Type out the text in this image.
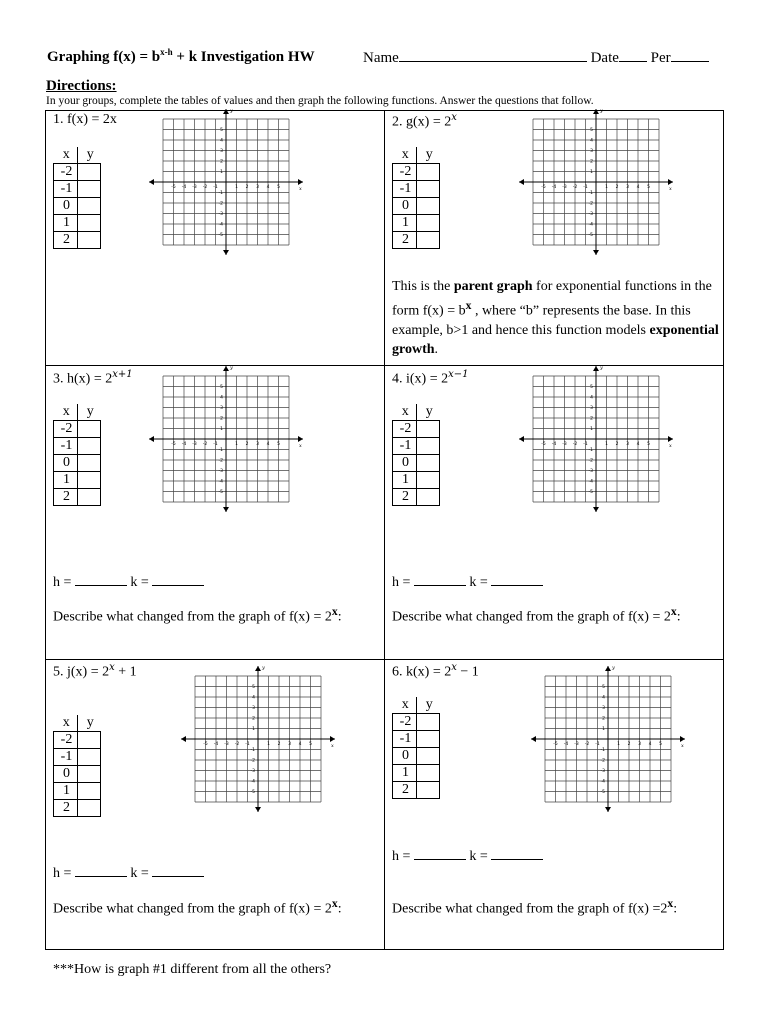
Graphing $f(x) = b^{x-h} + k$ Investigation HW	Name	Date Per
Directions:
In your groups, complete the tables of values and then graph the following functions. Answer the questions that follow.
1. f(x) = 2x	2. $g(x) = 2^x$
3. $h(x) = 2^{x+1}$	4. $i(x) = 2^{x-1}$
5. $j(x) = 2^x + 1$	6. $k(x) = 2^x - 1$
x	y
-2	
-1	
0	
1	
2	
x	y
-2	
-1	
0	
1	
2	
x	y
-2	
-1	
0	
1	
2	
x	y
-2	
-1	
0	
1	
2	
x	y
-2	
-1	
0	
1	
2	
x	y
-2	
-1	
0	
1	
2	
-5
-5
-4
-4
-3
-3
-2
-2
-1
-1
1
1
2
2
3
3
4
4
5
5
x
y
-5
-5
-4
-4
-3
-3
-2
-2
-1
-1
1
1
2
2
3
3
4
4
5
5
x
y
-5
-5
-4
-4
-3
-3
-2
-2
-1
-1
1
1
2
2
3
3
4
4
5
5
x
y
-5
-5
-4
-4
-3
-3
-2
-2
-1
-1
1
1
2
2
3
3
4
4
5
5
x
y
-5
-5
-4
-4
-3
-3
-2
-2
-1
-1
1
1
2
2
3
3
4
4
5
5
x
y
-5
-5
-4
-4
-3
-3
-2
-2
-1
-1
1
1
2
2
3
3
4
4
5
5
x
y
This is the parent graph for exponential functions in the form $f(x) = b^x$ , where “b” represents the base. In this example, b>1 and hence this function models exponential growth.
h =	k =	h =	k =
h =	k =
h =	k =
Describe what changed from the graph of $f(x) = 2^x$:	Describe what changed from the graph of $f(x) = 2^x$:
Describe what changed from the graph of $f(x) = 2^x$:	Describe what changed from the graph of $f(x) =2^x$:
***How is graph #1 different from all the others?
